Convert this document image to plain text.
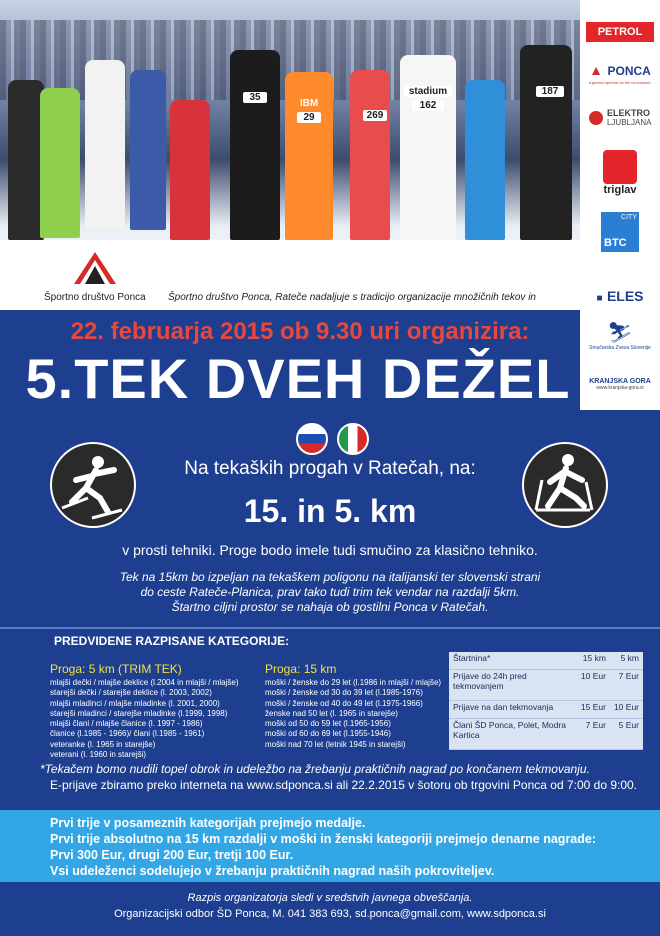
35
29
162
269
187
IBM
stadium
Športno društvo Ponca Športno društvo Ponca, Rateče nadaljuje s tradicijo organizacije množičnih tekov in
PETROL
▲ PONCA
trgovina opreme za tek na smučeh

ELEKTRO
LJUBLJANA
triglav
CITY
BTC
■ ELES
⛷
Smučarska Zveza Slovenije
KRANJSKA GORA
www.kranjska-gora.si
22. februarja 2015 ob 9.30 uri organizira:
5.TEK DVEH DEŽEL
Na tekaških progah v Ratečah, na:
15. in 5. km
v prosti tehniki. Proge bodo imele tudi smučino za klasično tehniko.
Tek na 15km bo izpeljan na tekaškem poligonu na italijanski ter slovenski strani
do ceste Rateče-Planica, prav tako tudi trim tek vendar na razdalji 5km.
Štartno ciljni prostor se nahaja ob gostilni Ponca v Ratečah.
PREDVIDENE RAZPISANE KATEGORIJE:
Proga: 5 km (TRIM TEK)
mlajši dečki / mlajše deklice (l.2004 in mlajši / mlajše)
starejši dečki / starejše deklice (l. 2003, 2002)
mlajši mladinci / mlajše mladinke (l. 2001, 2000)
starejši mladinci / starejše mladinke (l.1999, 1998)
mlajši člani / mlajše članice (l. 1997 - 1986)
članice (l.1985 - 1966)/ člani (l.1985 - 1961)
veteranke (l. 1965 in starejše)
veterani (l. 1960 in starejši)
Proga: 15 km
moški / ženske do 29 let (l.1986 in mlajši / mlajše)
moški / ženske od 30 do 39 let (l.1985-1976)
moški / ženske od 40 do 49 let (l.1975-1966)
ženske nad 50 let (l. 1965 in starejše)
moški od 50 do 59 let (l.1965-1956)
moški od 60 do 69 let (l.1955-1946)
moški nad 70 let (letnik 1945 in starejši)
Štartnina*	15 km	5 km
Prijave do 24h pred tekmovanjem	10 Eur	7 Eur
Prijave na dan tekmovanja	15 Eur	10 Eur
Člani ŠD Ponca, Polet, Modra Kartica	7 Eur	5 Eur
*Tekačem bomo nudili topel obrok in udeležbo na žrebanju praktičnih nagrad po končanem tekmovanju.
E-prijave zbiramo preko interneta na www.sdponca.si ali 22.2.2015 v šotoru ob trgovini Ponca od 7:00 do 9:00.
Prvi trije v posameznih kategorijah prejmejo medalje.
Prvi trije absolutno na 15 km razdalji v moški in ženski kategoriji prejmejo denarne nagrade:
Prvi 300 Eur, drugi 200 Eur, tretji 100 Eur.
Vsi udeleženci sodelujejo v žrebanju praktičnih nagrad naših pokroviteljev.
Razpis organizatorja sledi v sredstvih javnega obveščanja.
Organizacijski odbor ŠD Ponca, M. 041 383 693, sd.ponca@gmail.com, www.sdponca.si
